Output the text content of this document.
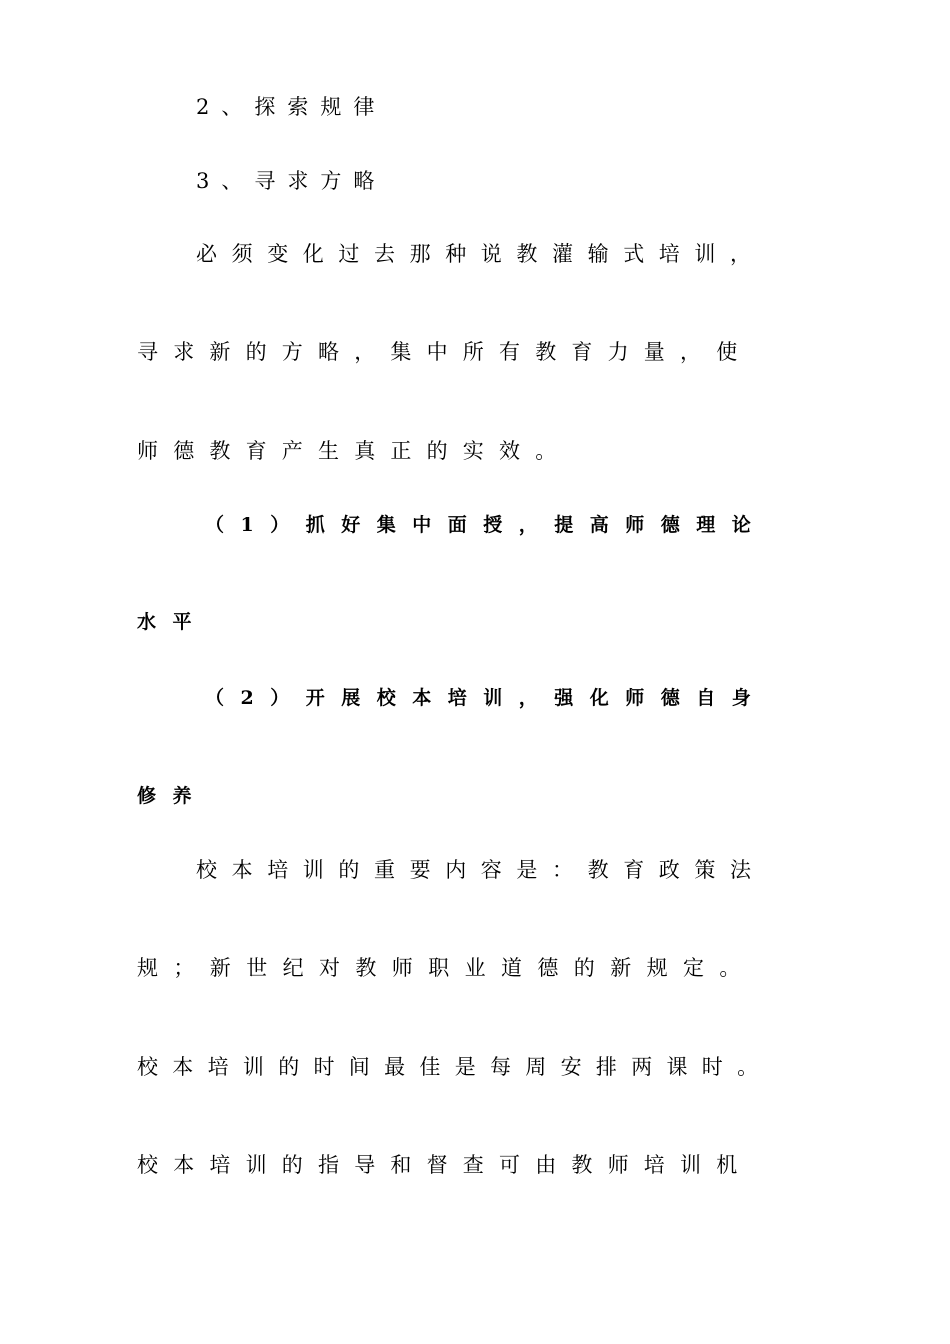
2、探索规律
3、寻求方略
必须变化过去那种说教灌输式培训，
寻求新的方略，集中所有教育力量，使
师德教育产生真正的实效。
（1）抓好集中面授，提高师德理论
水平
（2）开展校本培训，强化师德自身
修养
校本培训的重要内容是：教育政策法
规；新世纪对教师职业道德的新规定。
校本培训的时间最佳是每周安排两课时。
校本培训的指导和督查可由教师培训机
